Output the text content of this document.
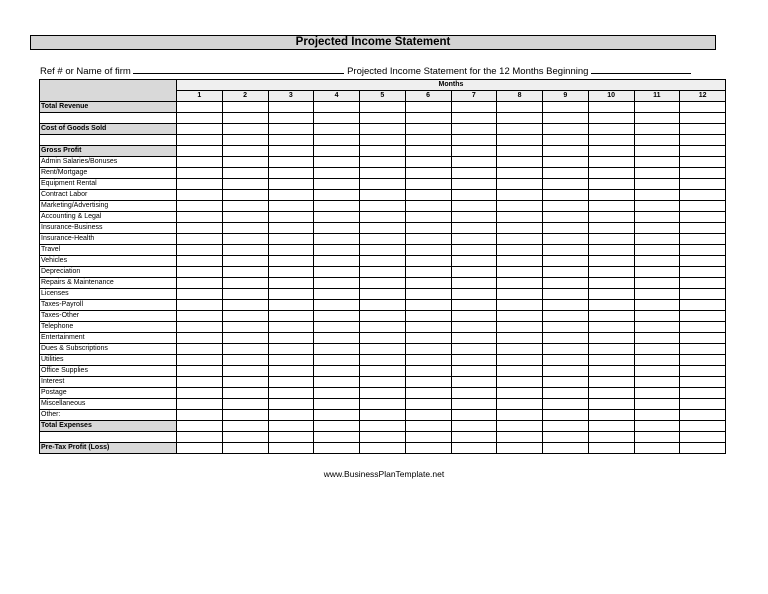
Projected Income Statement
Ref # or Name of firm	Projected Income Statement for the 12 Months Beginning
	Months											
	1	2	3	4	5	6	7	8	9	10	11	12
Total Revenue												

Cost of Goods Sold												

Gross Profit												
Admin Salaries/Bonuses												
Rent/Mortgage												
Equipment Rental												
Contract Labor												
Marketing/Advertising												
Accounting & Legal												
Insurance-Business												
Insurance-Health												
Travel												
Vehicles												
Depreciation												
Repairs & Maintenance												
Licenses												
Taxes-Payroll												
Taxes-Other												
Telephone												
Entertainment												
Dues & Subscriptions												
Utilities												
Office Supplies												
Interest												
Postage												
Miscellaneous												
Other:												
Total Expenses												

Pre-Tax Profit (Loss)												
www.BusinessPlanTemplate.net
